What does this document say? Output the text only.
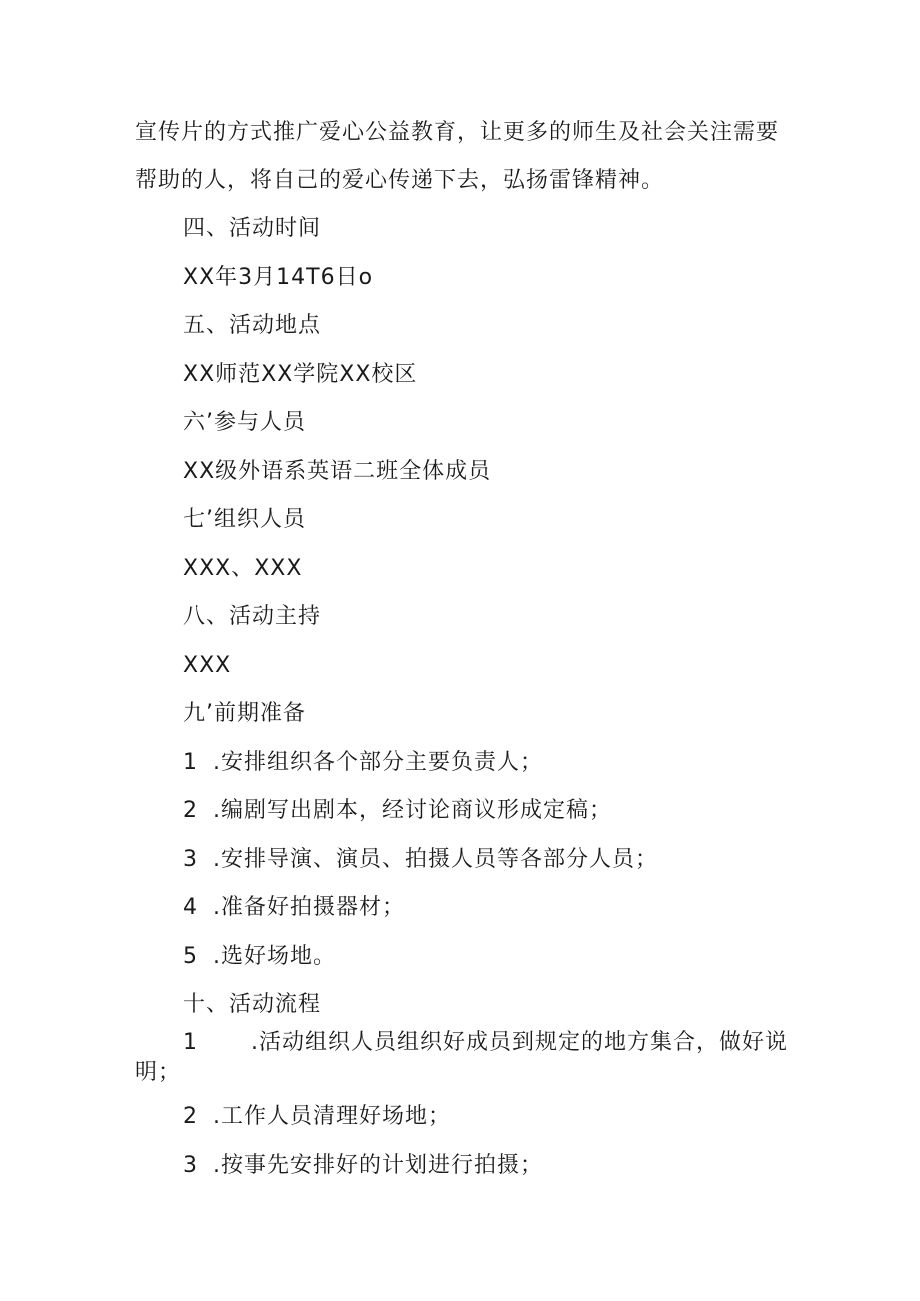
宣传片的方式推广爱心公益教育，让更多的师生及社会关注需要
帮助的人，将自己的爱心传递下去，弘扬雷锋精神。
四、活动时间
XX年3月14T6日o
五、活动地点
XX师范XX学院XX校区
六’参与人员
XX级外语系英语二班全体成员
七’组织人员
XXX、XXX
八、活动主持
XXX
九’前期准备
1 .安排组织各个部分主要负责人；
2 .编剧写出剧本，经讨论商议形成定稿；
3 .安排导演、演员、拍摄人员等各部分人员；
4 .准备好拍摄器材；
5 .选好场地。
十、活动流程
1 .活动组织人员组织好成员到规定的地方集合，做好说
明；
2 .工作人员清理好场地；
3 .按事先安排好的计划进行拍摄；
